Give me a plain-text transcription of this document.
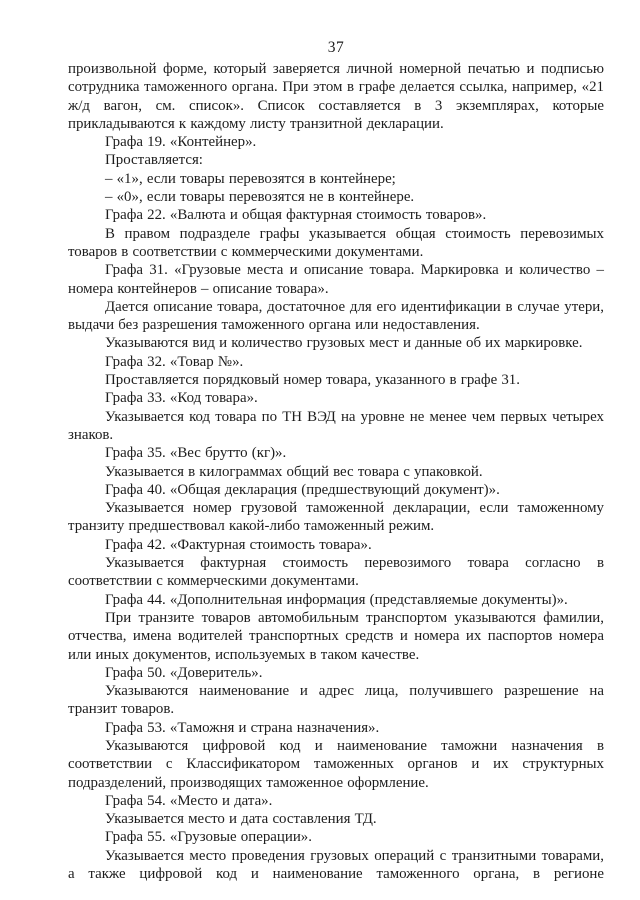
37

произвольной форме, который заверяется личной номерной печатью и подписью сотрудника таможенного органа. При этом в графе делается ссылка, например, «21 ж/д вагон, см. список». Список составляется в 3 экземплярах, которые прикладываются к каждому листу транзитной декларации.

Графа 19. «Контейнер».

Проставляется:

– «1», если товары перевозятся в контейнере;

– «0», если товары перевозятся не в контейнере.

Графа 22. «Валюта и общая фактурная стоимость товаров».

В правом подразделе графы указывается общая стоимость перевозимых товаров в соответствии с коммерческими документами.

Графа 31. «Грузовые места и описание товара. Маркировка и количество – номера контейнеров – описание товара».

Дается описание товара, достаточное для его идентификации в случае утери, выдачи без разрешения таможенного органа или недоставления.

Указываются вид и количество грузовых мест и данные об их маркировке.

Графа 32. «Товар №».

Проставляется порядковый номер товара, указанного в графе 31.

Графа 33. «Код товара».

Указывается код товара по ТН ВЭД на уровне не менее чем первых четырех знаков.

Графа 35. «Вес брутто (кг)».

Указывается в килограммах общий вес товара с упаковкой.

Графа 40. «Общая декларация (предшествующий документ)».

Указывается номер грузовой таможенной декларации, если таможенному транзиту предшествовал какой-либо таможенный режим.

Графа 42. «Фактурная стоимость товара».

Указывается фактурная стоимость перевозимого товара согласно в соответствии с коммерческими документами.

Графа 44. «Дополнительная информация (представляемые документы)».

При транзите товаров автомобильным транспортом указываются фамилии, отчества, имена водителей транспортных средств и номера их паспортов номера или иных документов, используемых в таком качестве.

Графа 50. «Доверитель».

Указываются наименование и адрес лица, получившего разрешение на транзит товаров.

Графа 53. «Таможня и страна назначения».

Указываются цифровой код и наименование таможни назначения в соответствии с Классификатором таможенных органов и их структурных подразделений, производящих таможенное оформление.

Графа 54. «Место и дата».

Указывается место и дата составления ТД.

Графа 55. «Грузовые операции».

Указывается место проведения грузовых операций с транзитными товарами, а также цифровой код и наименование таможенного органа, в регионе
